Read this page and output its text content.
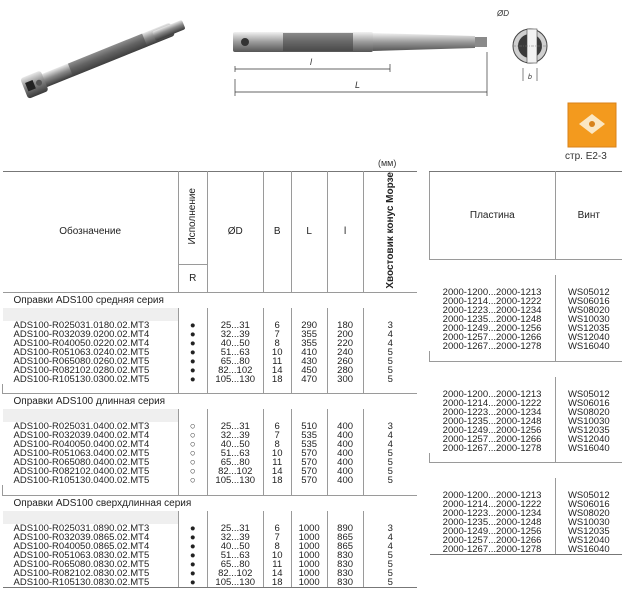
l
L
ØD
b
стр. E2-3
(мм)
Обозначение	Исполнение	ØD	B	L	l	Хвостовик конус Морзе
	R					
Оправки ADS100 средняя серия						

ADS100-R025031.0180.02.MT3	●	25...31	6	290	180	3
ADS100-R032039.0200.02.MT4	●	32...39	7	355	200	4
ADS100-R040050.0220.02.MT4	●	40...50	8	355	220	4
ADS100-R051063.0240.02.MT5	●	51...63	10	410	240	5
ADS100-R065080.0260.02.MT5	●	65...80	11	430	260	5
ADS100-R082102.0280.02.MT5	●	82...102	14	450	280	5
ADS100-R105130.0300.02.MT5	●	105...130	18	470	300	5

Оправки ADS100 длинная серия						

ADS100-R025031.0400.02.MT3	○	25...31	6	510	400	3
ADS100-R032039.0400.02.MT4	○	32...39	7	535	400	4
ADS100-R040050.0400.02.MT4	○	40...50	8	535	400	4
ADS100-R051063.0400.02.MT5	○	51...63	10	570	400	5
ADS100-R065080.0400.02.MT5	○	65...80	11	570	400	5
ADS100-R082102.0400.02.MT5	○	82...102	14	570	400	5
ADS100-R105130.0400.02.MT5	○	105...130	18	570	400	5

Оправки ADS100 сверхдлинная серия						

ADS100-R025031.0890.02.MT3	●	25...31	6	1000	890	3
ADS100-R032039.0865.02.MT4	●	32...39	7	1000	865	4
ADS100-R040050.0865.02.MT4	●	40...50	8	1000	865	4
ADS100-R051063.0830.02.MT5	●	51...63	10	1000	830	5
ADS100-R065080.0830.02.MT5	●	65...80	11	1000	830	5
ADS100-R082102.0830.02.MT5	●	82...102	14	1000	830	5
ADS100-R105130.0830.02.MT5	●	105...130	18	1000	830	5
Пластина	Винт

2000-1200...2000-1213	WS05012
2000-1214...2000-1222	WS06016
2000-1223...2000-1234	WS08020
2000-1235...2000-1248	WS10030
2000-1249...2000-1256	WS12035
2000-1257...2000-1266	WS12040
2000-1267...2000-1278	WS16040

2000-1200...2000-1213	WS05012
2000-1214...2000-1222	WS06016
2000-1223...2000-1234	WS08020
2000-1235...2000-1248	WS10030
2000-1249...2000-1256	WS12035
2000-1257...2000-1266	WS12040
2000-1267...2000-1278	WS16040

2000-1200...2000-1213	WS05012
2000-1214...2000-1222	WS06016
2000-1223...2000-1234	WS08020
2000-1235...2000-1248	WS10030
2000-1249...2000-1256	WS12035
2000-1257...2000-1266	WS12040
2000-1267...2000-1278	WS16040
